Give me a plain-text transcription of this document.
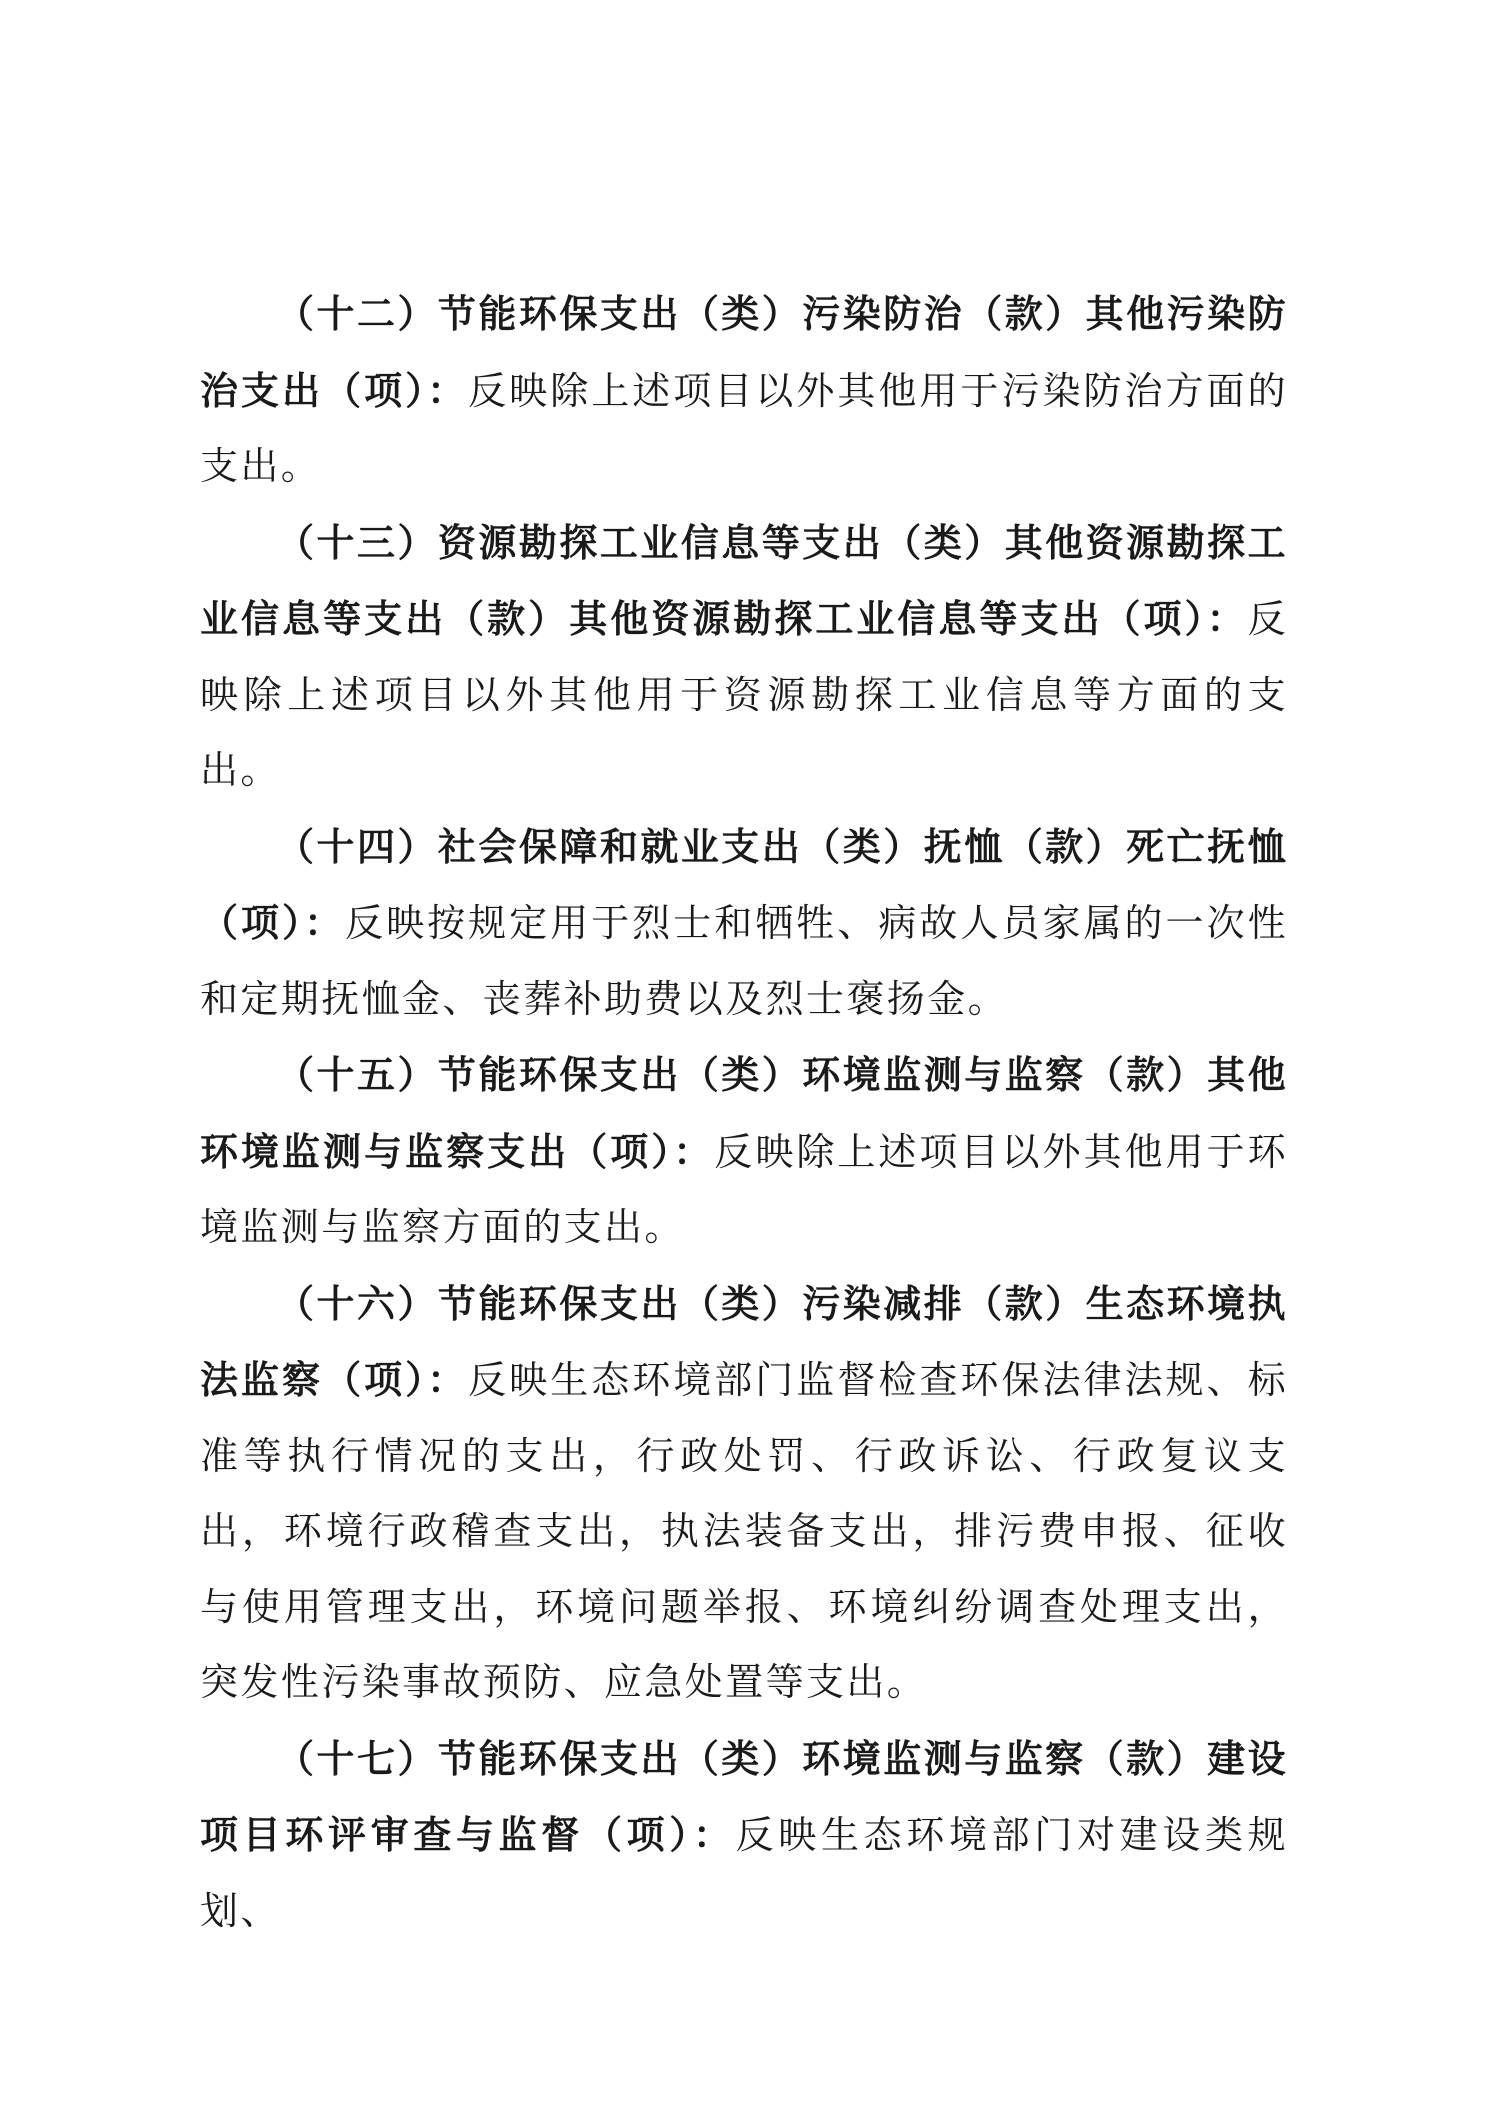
（十二）节能环保支出（类）污染防治（款）其他污染防治支出（项）：反映除上述项目以外其他用于污染防治方面的支出。

（十三）资源勘探工业信息等支出（类）其他资源勘探工业信息等支出（款）其他资源勘探工业信息等支出（项）：反映除上述项目以外其他用于资源勘探工业信息等方面的支出。

（十四）社会保障和就业支出（类）抚恤（款）死亡抚恤（项）：反映按规定用于烈士和牺牲、病故人员家属的一次性和定期抚恤金、丧葬补助费以及烈士褒扬金。

（十五）节能环保支出（类）环境监测与监察（款）其他环境监测与监察支出（项）：反映除上述项目以外其他用于环境监测与监察方面的支出。

（十六）节能环保支出（类）污染减排（款）生态环境执法监察（项）：反映生态环境部门监督检查环保法律法规、标准等执行情况的支出，行政处罚、行政诉讼、行政复议支出，环境行政稽查支出，执法装备支出，排污费申报、征收与使用管理支出，环境问题举报、环境纠纷调查处理支出，突发性污染事故预防、应急处置等支出。

（十七）节能环保支出（类）环境监测与监察（款）建设项目环评审查与监督（项）：反映生态环境部门对建设类规划、
